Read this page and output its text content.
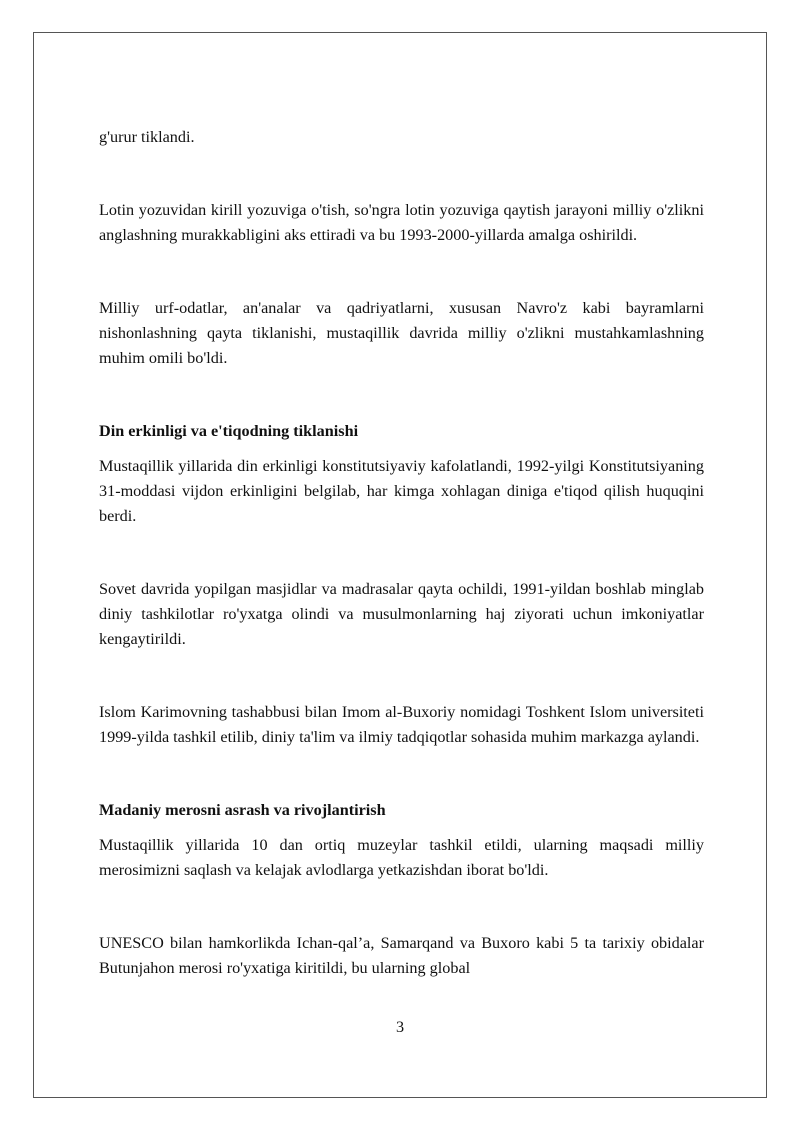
g'urur tiklandi.

Lotin yozuvidan kirill yozuviga o'tish, so'ngra lotin yozuviga qaytish jarayoni milliy o'zlikni anglashning murakkabligini aks ettiradi va bu 1993-2000-yillarda amalga oshirildi.

Milliy urf-odatlar, an'analar va qadriyatlarni, xususan Navro'z kabi bayramlarni nishonlashning qayta tiklanishi, mustaqillik davrida milliy o'zlikni mustahkamlashning muhim omili bo'ldi.

Din erkinligi va e'tiqodning tiklanishi

Mustaqillik yillarida din erkinligi konstitutsiyaviy kafolatlandi, 1992-yilgi Konstitutsiyaning 31-moddasi vijdon erkinligini belgilab, har kimga xohlagan diniga e'tiqod qilish huquqini berdi.

Sovet davrida yopilgan masjidlar va madrasalar qayta ochildi, 1991-yildan boshlab minglab diniy tashkilotlar ro'yxatga olindi va musulmonlarning haj ziyorati uchun imkoniyatlar kengaytirildi.

Islom Karimovning tashabbusi bilan Imom al-Buxoriy nomidagi Toshkent Islom universiteti 1999-yilda tashkil etilib, diniy ta'lim va ilmiy tadqiqotlar sohasida muhim markazga aylandi.

Madaniy merosni asrash va rivojlantirish

Mustaqillik yillarida 10 dan ortiq muzeylar tashkil etildi, ularning maqsadi milliy merosimizni saqlash va kelajak avlodlarga yetkazishdan iborat bo'ldi.

UNESCO bilan hamkorlikda Ichan-qal’a, Samarqand va Buxoro kabi 5 ta tarixiy obidalar Butunjahon merosi ro'yxatiga kiritildi, bu ularning global

3
